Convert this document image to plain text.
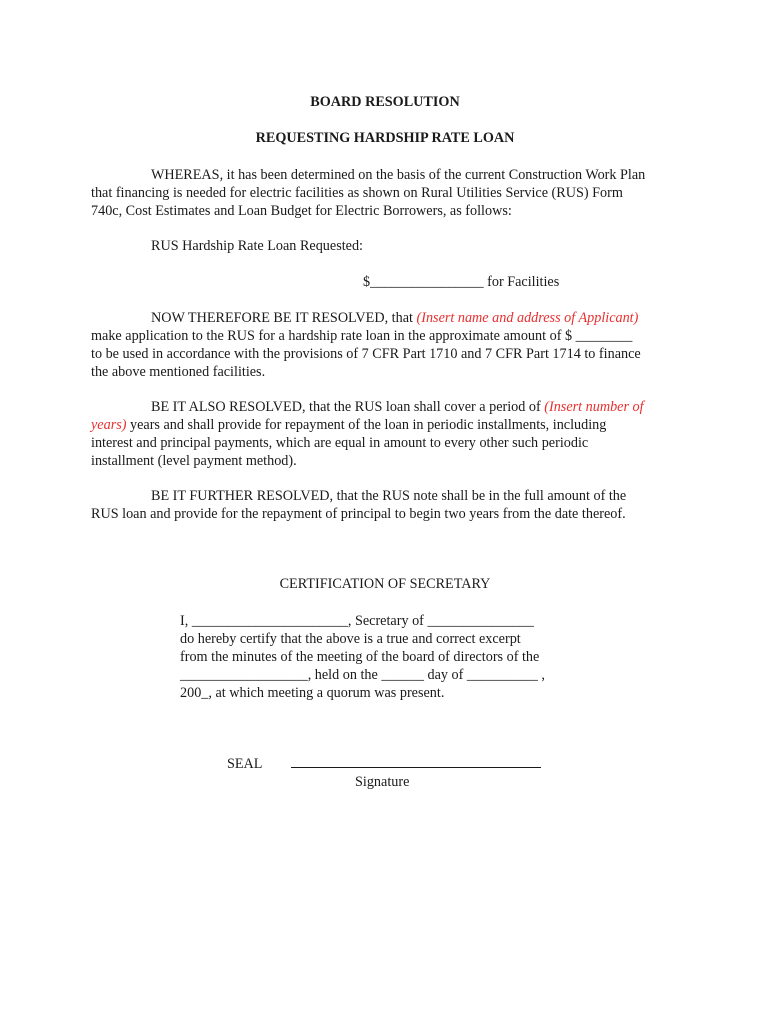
BOARD RESOLUTION
REQUESTING HARDSHIP RATE LOAN
WHEREAS, it has been determined on the basis of the current Construction Work Plan
that financing is needed for electric facilities as shown on Rural Utilities Service (RUS) Form
740c, Cost Estimates and Loan Budget for Electric Borrowers, as follows:
RUS Hardship Rate Loan Requested:
$________________ for Facilities
NOW THEREFORE BE IT RESOLVED, that (Insert name and address of Applicant)
make application to the RUS for a hardship rate loan in the approximate amount of $ ________
to be used in accordance with the provisions of 7 CFR Part 1710 and 7 CFR Part 1714 to finance
the above mentioned facilities.
BE IT ALSO RESOLVED, that the RUS loan shall cover a period of (Insert number of
years) years and shall provide for repayment of the loan in periodic installments, including
interest and principal payments, which are equal in amount to every other such periodic
installment (level payment method).
BE IT FURTHER RESOLVED, that the RUS note shall be in the full amount of the
RUS loan and provide for the repayment of principal to begin two years from the date thereof.
CERTIFICATION OF SECRETARY
I, ______________________, Secretary of _______________
do hereby certify that the above is a true and correct excerpt
from the minutes of the meeting of the board of directors of the
__________________, held on the ______ day of __________ ,
200_, at which meeting a quorum was present.
SEAL
Signature
